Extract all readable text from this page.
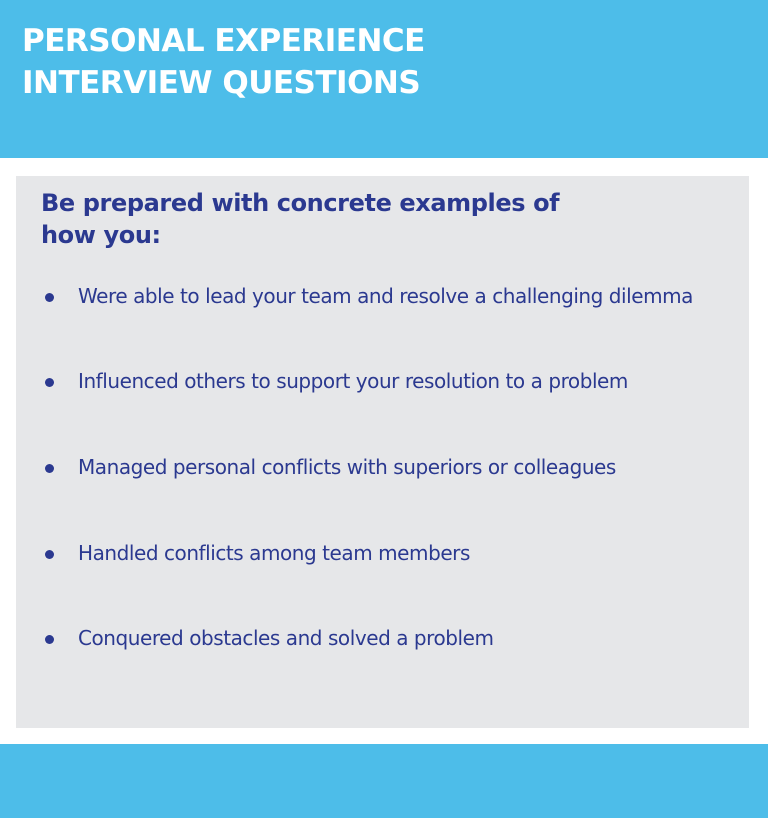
PERSONAL EXPERIENCE
INTERVIEW QUESTIONS

Be prepared with concrete examples of how you:

Were able to lead your team and resolve a challenging dilemma
Influenced others to support your resolution to a problem
Managed personal conflicts with superiors or colleagues
Handled conflicts among team members
Conquered obstacles and solved a problem
